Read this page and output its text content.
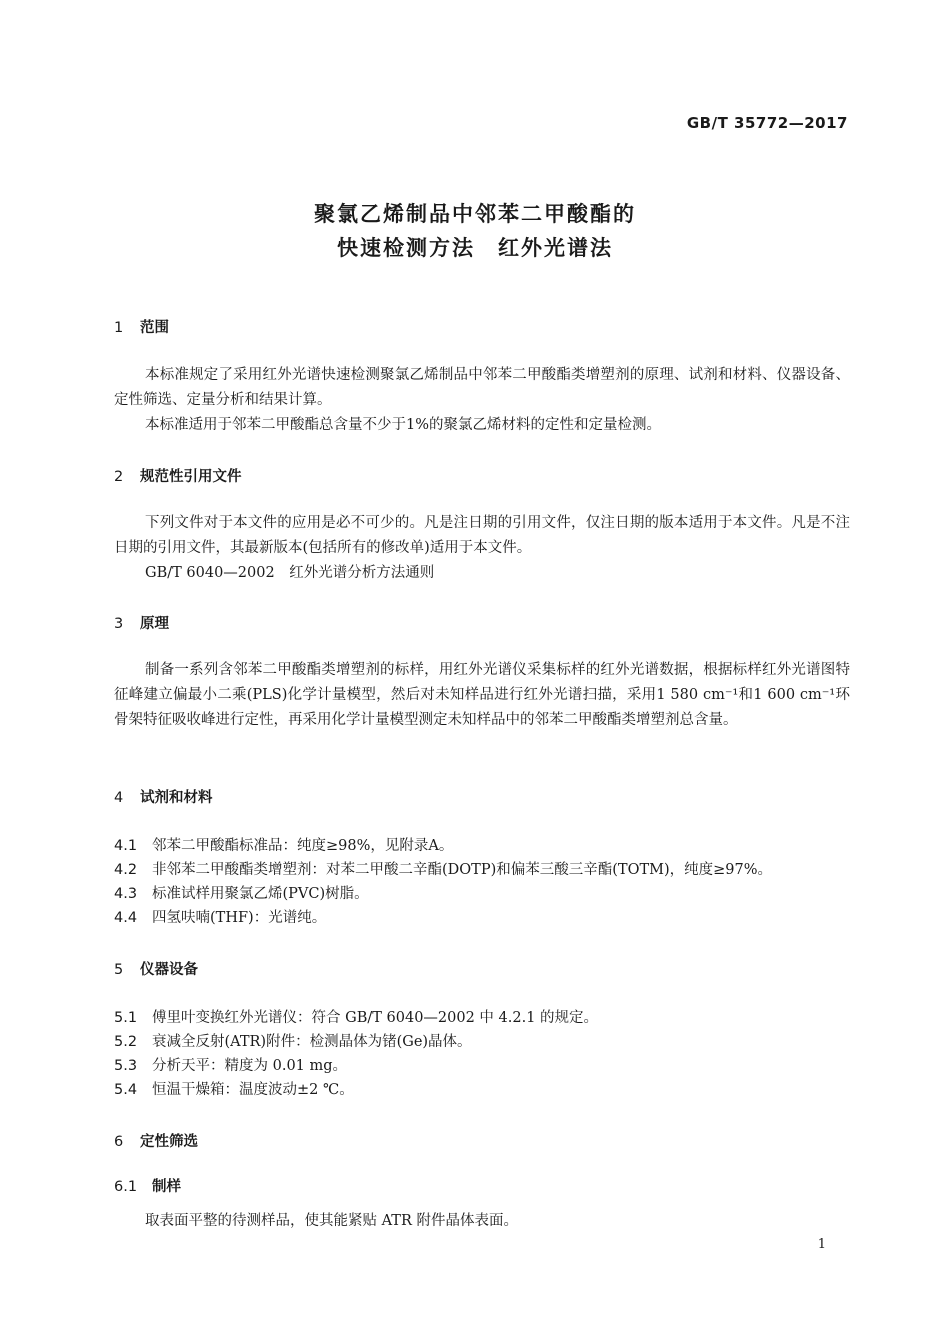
GB/T 35772—2017
聚氯乙烯制品中邻苯二甲酸酯的
快速检测方法　红外光谱法
1 范围
本标准规定了采用红外光谱快速检测聚氯乙烯制品中邻苯二甲酸酯类增塑剂的原理、试剂和材料、仪器设备、定性筛选、定量分析和结果计算。
本标准适用于邻苯二甲酸酯总含量不少于1%的聚氯乙烯材料的定性和定量检测。
2 规范性引用文件
下列文件对于本文件的应用是必不可少的。凡是注日期的引用文件，仅注日期的版本适用于本文件。凡是不注日期的引用文件，其最新版本(包括所有的修改单)适用于本文件。
GB/T 6040—2002　红外光谱分析方法通则
3 原理
制备一系列含邻苯二甲酸酯类增塑剂的标样，用红外光谱仪采集标样的红外光谱数据，根据标样红外光谱图特征峰建立偏最小二乘(PLS)化学计量模型，然后对未知样品进行红外光谱扫描，采用1 580 cm⁻¹和1 600 cm⁻¹环骨架特征吸收峰进行定性，再采用化学计量模型测定未知样品中的邻苯二甲酸酯类增塑剂总含量。
4 试剂和材料
4.1 邻苯二甲酸酯标准品：纯度≥98%，见附录A。
4.2 非邻苯二甲酸酯类增塑剂：对苯二甲酸二辛酯(DOTP)和偏苯三酸三辛酯(TOTM)，纯度≥97%。
4.3 标准试样用聚氯乙烯(PVC)树脂。
4.4 四氢呋喃(THF)：光谱纯。
5 仪器设备
5.1 傅里叶变换红外光谱仪：符合 GB/T 6040—2002 中 4.2.1 的规定。
5.2 衰减全反射(ATR)附件：检测晶体为锗(Ge)晶体。
5.3 分析天平：精度为 0.01 mg。
5.4 恒温干燥箱：温度波动±2 ℃。
6 定性筛选
6.1 制样
取表面平整的待测样品，使其能紧贴 ATR 附件晶体表面。
1
